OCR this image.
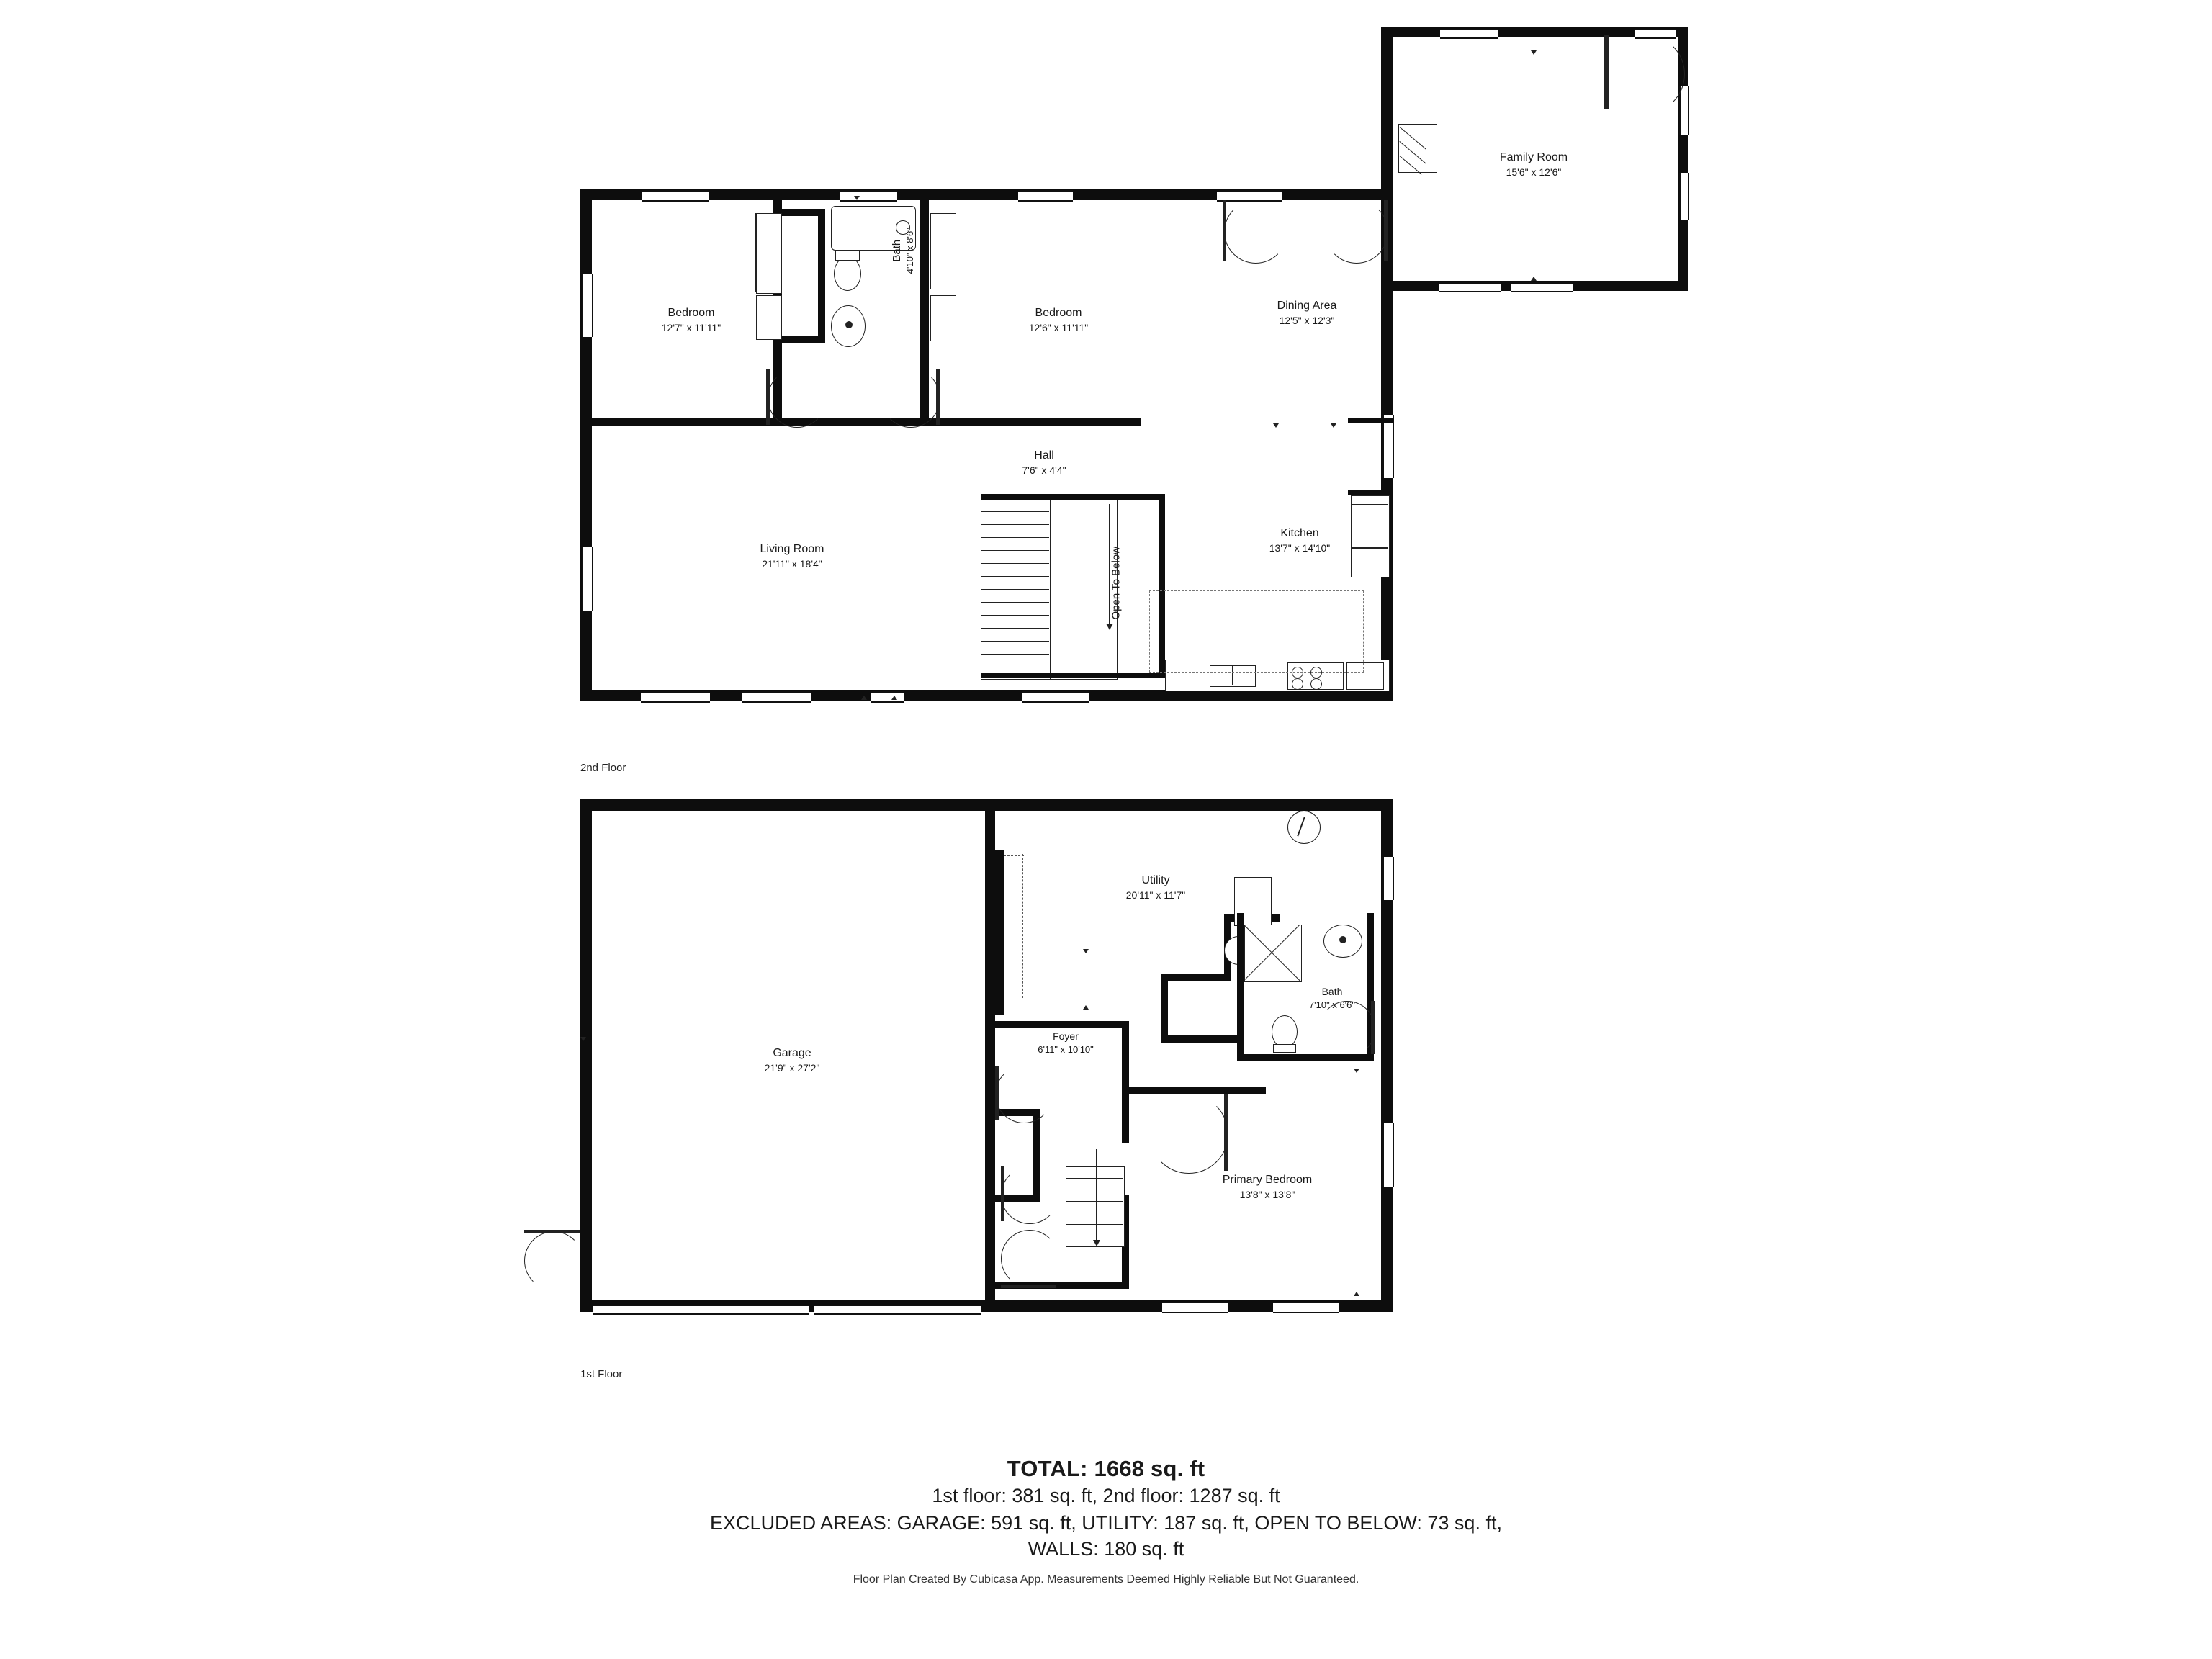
Family Room
15'6" x 12'6"
Bath 4'10" x 8'6"
Bedroom
12'7" x 11'11"
Bedroom
12'6" x 11'11"
Dining Area
12'5" x 12'3"
Hall
7'6" x 4'4"
Living Room
21'11" x 18'4"	Open To Below
Kitchen
13'7" x 14'10"
2nd Floor
Garage
21'9" x 27'2"
Utility
20'11" x 11'7"
Bath
7'10" x 6'6"
Foyer
6'11" x 10'10"
Primary Bedroom
13'8" x 13'8"
1st Floor
TOTAL: 1668 sq. ft
1st floor: 381 sq. ft, 2nd floor: 1287 sq. ft
EXCLUDED AREAS: GARAGE: 591 sq. ft, UTILITY: 187 sq. ft, OPEN TO BELOW: 73 sq. ft,
WALLS: 180 sq. ft
Floor Plan Created By Cubicasa App. Measurements Deemed Highly Reliable But Not Guaranteed.
